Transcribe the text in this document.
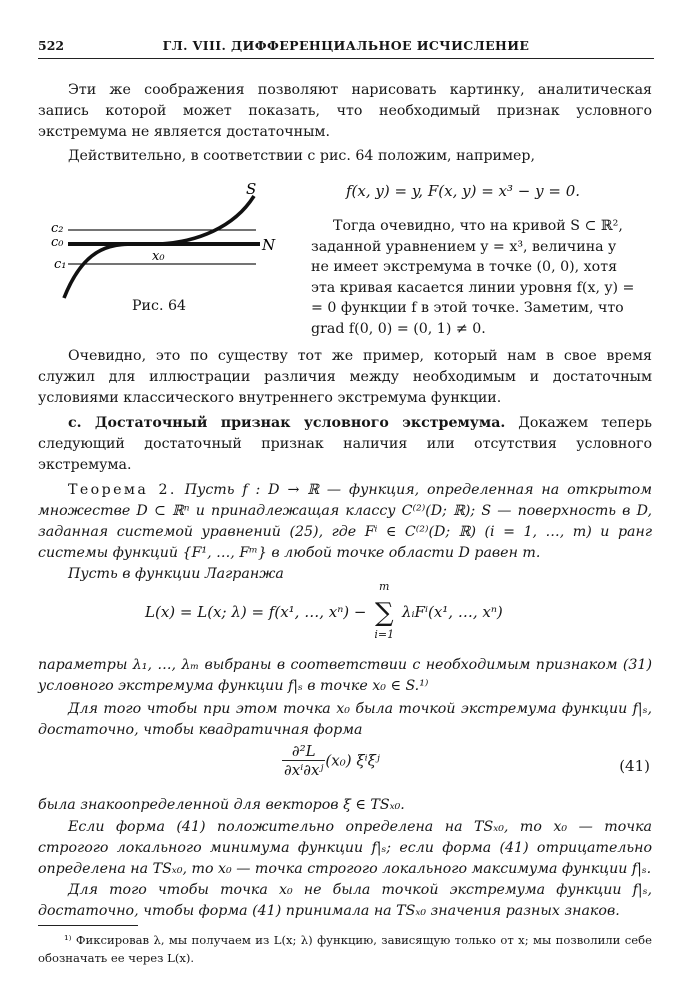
522	ГЛ. VIII. ДИФФЕРЕНЦИАЛЬНОЕ ИСЧИСЛЕНИЕ

Эти же соображения позволяют нарисовать картинку, аналитическая запись которой может показать, что необходимый признак условного экстремума не является достаточным.

Действительно, в соответствии с рис. 64 положим, например,

f(x, y) = y, F(x, y) = x³ − y = 0.
S
N
c₂
c₀
c₁
x₀
Рис. 64
Тогда очевидно, что на кривой S ⊂ ℝ²,
заданной уравнением y = x³, величина y
не имеет экстремума в точке (0, 0), хотя
эта кривая касается линии уровня f(x, y) =
= 0 функции f в этой точке. Заметим, что
grad f(0, 0) = (0, 1) ≠ 0.

Очевидно, это по существу тот же пример, который нам в свое время служил для иллюстрации различия между необходимым и достаточным условиями классического внутреннего экстремума функции.

c. Достаточный признак условного экстремума. Докажем теперь следующий достаточный признак наличия или отсутствия условного экстремума.

Теорема 2. Пусть f : D → ℝ — функция, определенная на открытом множестве D ⊂ ℝⁿ и принадлежащая классу C⁽²⁾(D; ℝ); S — поверхность в D, заданная системой уравнений (25), где Fⁱ ∈ C⁽²⁾(D; ℝ) (i = 1, …, m) и ранг системы функций {F¹, …, Fᵐ} в любой точке области D равен m.

Пусть в функции Лагранжа

L(x) = L(x; λ) = f(x¹, …, xⁿ) − ∑
m
i=1
λᵢFⁱ(x¹, …, xⁿ)

параметры λ₁, …, λₘ выбраны в соответствии с необходимым признаком (31) условного экстремума функции f|ₛ в точке x₀ ∈ S.¹⁾

Для того чтобы при этом точка x₀ была точкой экстремума функции f|ₛ, достаточно, чтобы квадратичная форма

$\frac{\text{∂²L}}{\text{∂xⁱ∂xʲ}} (x_0)$ ξⁱξʲ	(41)

была знакоопределенной для векторов ξ ∈ TSₓ₀.

Если форма (41) положительно определена на TSₓ₀, то x₀ — точка строгого локального минимума функции f|ₛ; если форма (41) отрицательно определена на TSₓ₀, то x₀ — точка строгого локального максимума функции f|ₛ.

Для того чтобы точка x₀ не была точкой экстремума функции f|ₛ, достаточно, чтобы форма (41) принимала на TSₓ₀ значения разных знаков.

¹⁾ Фиксировав λ, мы получаем из L(x; λ) функцию, зависящую только от x; мы позволили себе обозначать ее через L(x).
